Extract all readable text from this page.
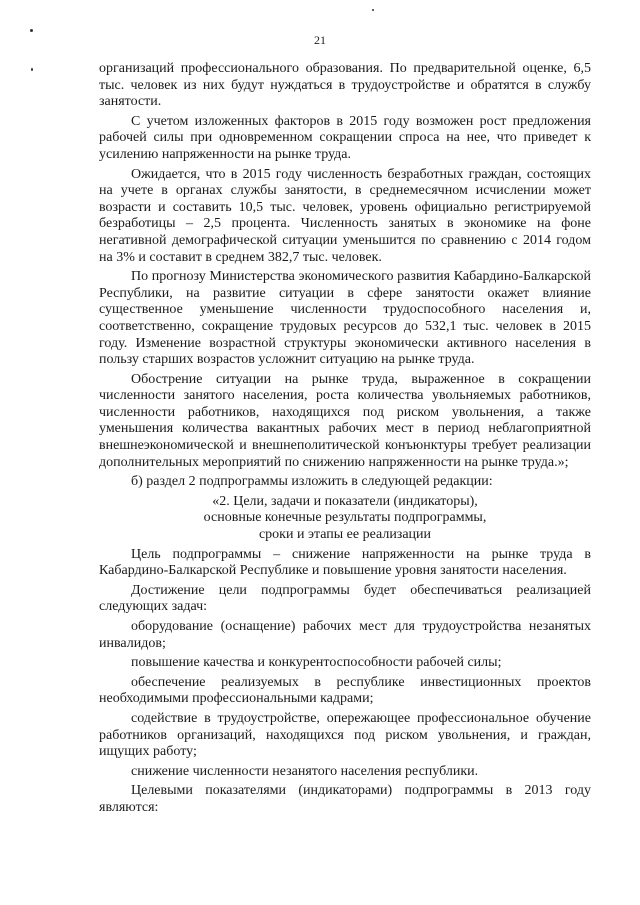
21

организаций профессионального образования. По предварительной оценке, 6,5 тыс. человек из них будут нуждаться в трудоустройстве и обратятся в службу занятости.

С учетом изложенных факторов в 2015 году возможен рост предложения рабочей силы при одновременном сокращении спроса на нее, что приведет к усилению напряженности на рынке труда.

Ожидается, что в 2015 году численность безработных граждан, состоящих на учете в органах службы занятости, в среднемесячном исчислении может возрасти и составить 10,5 тыс. человек, уровень официально регистрируемой безработицы – 2,5 процента. Численность занятых в экономике на фоне негативной демографической ситуации уменьшится по сравнению с 2014 годом на 3% и составит в среднем 382,7 тыс. человек.

По прогнозу Министерства экономического развития Кабардино-Балкарской Республики, на развитие ситуации в сфере занятости окажет влияние существенное уменьшение численности трудоспособного населения и, соответственно, сокращение трудовых ресурсов до 532,1 тыс. человек в 2015 году. Изменение возрастной структуры экономически активного населения в пользу старших возрастов усложнит ситуацию на рынке труда.

Обострение ситуации на рынке труда, выраженное в сокращении численности занятого населения, роста количества увольняемых работников, численности работников, находящихся под риском увольнения, а также уменьшения количества вакантных рабочих мест в период неблагоприятной внешнеэкономической и внешнеполитической конъюнктуры требует реализации дополнительных мероприятий по снижению напряженности на рынке труда.»;

б) раздел 2 подпрограммы изложить в следующей редакции:

«2. Цели, задачи и показатели (индикаторы),

основные конечные результаты подпрограммы,

сроки и этапы ее реализации

Цель подпрограммы – снижение напряженности на рынке труда в Кабардино-Балкарской Республике и повышение уровня занятости населения.

Достижение цели подпрограммы будет обеспечиваться реализацией следующих задач:

оборудование (оснащение) рабочих мест для трудоустройства незанятых инвалидов;

повышение качества и конкурентоспособности рабочей силы;

обеспечение реализуемых в республике инвестиционных проектов необходимыми профессиональными кадрами;

содействие в трудоустройстве, опережающее профессиональное обучение работников организаций, находящихся под риском увольнения, и граждан, ищущих работу;

снижение численности незанятого населения республики.

Целевыми показателями (индикаторами) подпрограммы в 2013 году являются:
